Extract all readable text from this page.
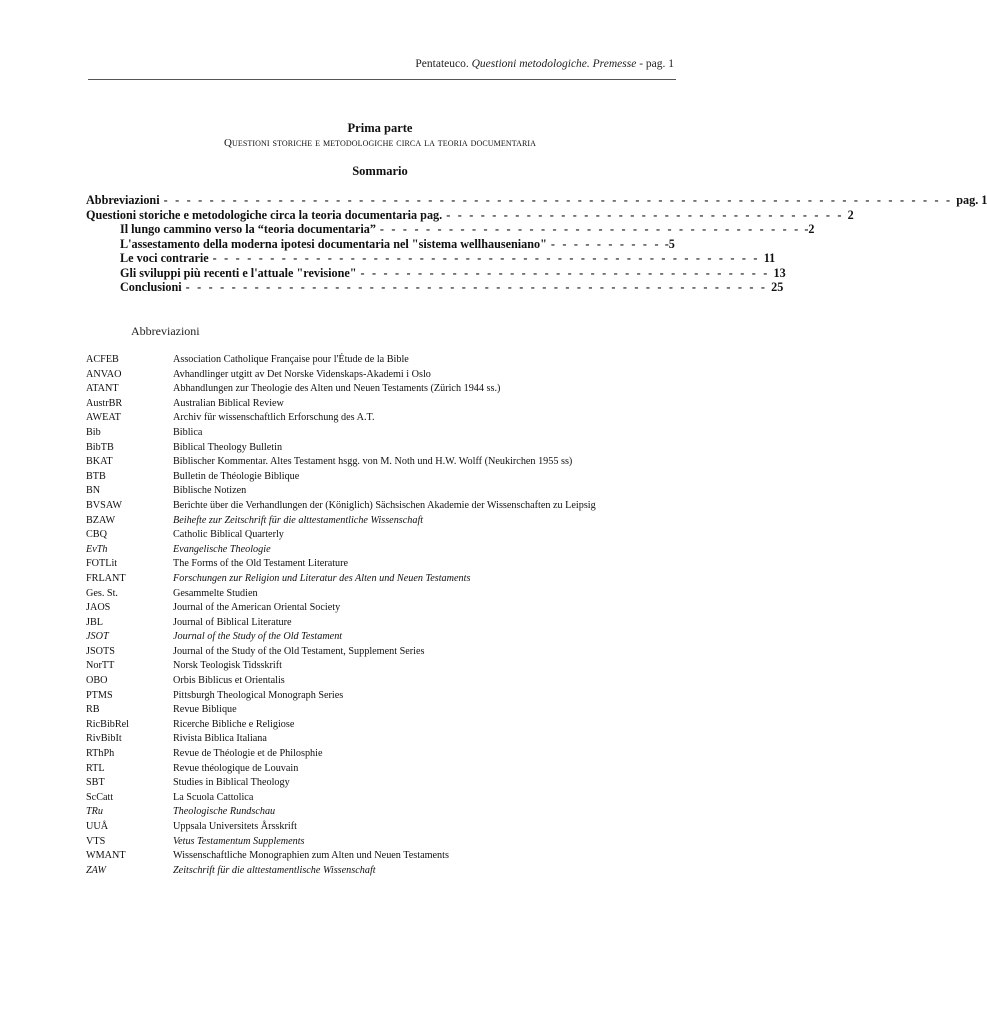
Pentateuco. Questioni metodologiche. Premesse - pag. 1
Prima parte
Questioni storiche e metodologiche circa la teoria documentaria
Sommario
Abbreviazioni - - - - - - - - - - - - - - - - - - - - - - - - - - - - - - - - - - - - - - - - - - - - - - - - - - - - - - - - - - - - - - - - - - - - - pag. 1
Questioni storiche e metodologiche circa la teoria documentaria pag. - - - - - - - - - - - - - - - - - - - - - - - - - - - - - - - - - - - 2
Il lungo cammino verso la “teoria documentaria” - - - - - - - - - - - - - - - - - - - - - - - - - - - - - - - - - - - - - -2
L'assestamento della moderna ipotesi documentaria nel "sistema wellhauseniano" - - - - - - - - - - -5
Le voci contrarie - - - - - - - - - - - - - - - - - - - - - - - - - - - - - - - - - - - - - - - - - - - - - - - - 11
Gli sviluppi più recenti e l'attuale "revisione" - - - - - - - - - - - - - - - - - - - - - - - - - - - - - - - - - - - - 13
Conclusioni - - - - - - - - - - - - - - - - - - - - - - - - - - - - - - - - - - - - - - - - - - - - - - - - - - - 25
Abbreviazioni
ACFEB	Association Catholique Française pour l'Étude de la Bible
ANVAO	Avhandlinger utgitt av Det Norske Videnskaps-Akademi i Oslo
ATANT	Abhandlungen zur Theologie des Alten und Neuen Testaments (Zürich 1944 ss.)
AustrBR	Australian Biblical Review
AWEAT	Archiv für wissenschaftlich Erforschung des A.T.
Bib	Biblica
BibTB	Biblical Theology Bulletin
BKAT	Biblischer Kommentar. Altes Testament hsgg. von M. Noth und H.W. Wolff (Neukirchen 1955 ss)
BTB	Bulletin de Théologie Biblique
BN	Biblische Notizen
BVSAW	Berichte über die Verhandlungen der (Königlich) Sächsischen Akademie der Wissenschaften zu Leipsig
BZAW	Beihefte zur Zeitschrift für die alttestamentliche Wissenschaft
CBQ	Catholic Biblical Quarterly
EvTh	Evangelische Theologie
FOTLit	The Forms of the Old Testament Literature
FRLANT	Forschungen zur Religion und Literatur des Alten und Neuen Testaments
Ges. St.	Gesammelte Studien
JAOS	Journal of the American Oriental Society
JBL	Journal of Biblical Literature
JSOT	Journal of the Study of the Old Testament
JSOTS	Journal of the Study of the Old Testament, Supplement Series
NorTT	Norsk Teologisk Tidsskrift
OBO	Orbis Biblicus et Orientalis
PTMS	Pittsburgh Theological Monograph Series
RB	Revue Biblique
RicBibRel	Ricerche Bibliche e Religiose
RivBibIt	Rivista Biblica Italiana
RThPh	Revue de Théologie et de Philosphie
RTL	Revue théologique de Louvain
SBT	Studies in Biblical Theology
ScCatt	La Scuola Cattolica
TRu	Theologische Rundschau
UUÅ	Uppsala Universitets Årsskrift
VTS	Vetus Testamentum Supplements
WMANT	Wissenschaftliche Monographien zum Alten und Neuen Testaments
ZAW	Zeitschrift für die alttestamentlische Wissenschaft
